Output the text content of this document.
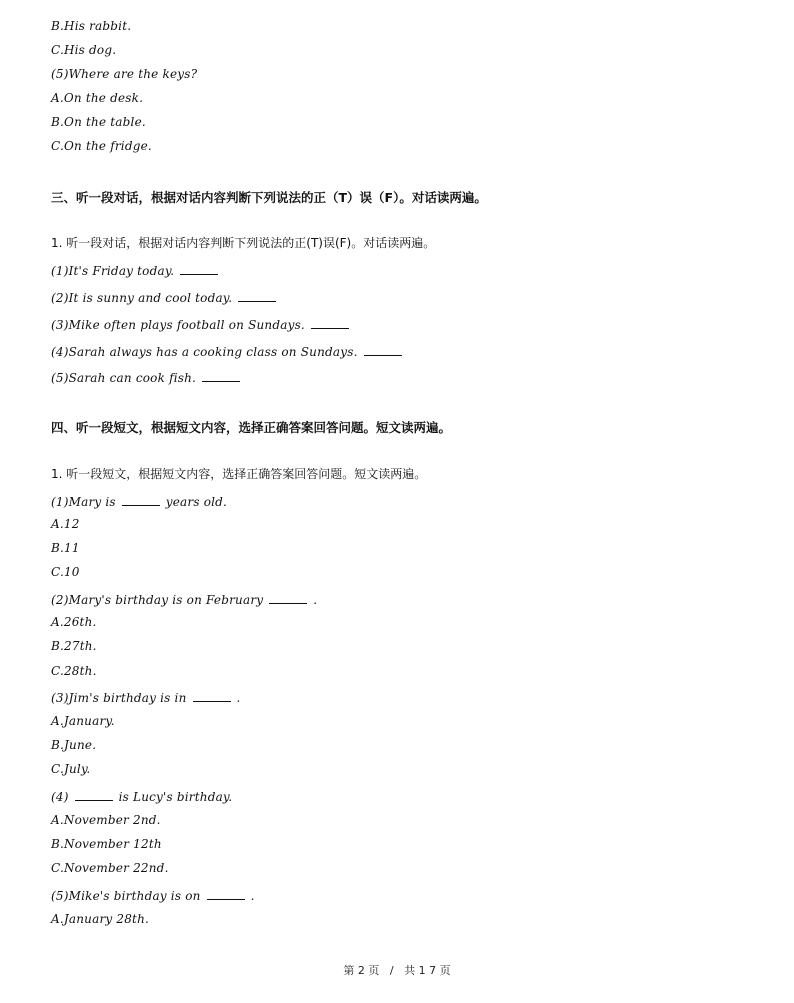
B.His rabbit.
C.His dog.
(5)Where are the keys?
A.On the desk.
B.On the table.
C.On the fridge.
三、听一段对话，根据对话内容判断下列说法的正（T）误（F）。对话读两遍。
1. 听一段对话，根据对话内容判断下列说法的正(T)误(F)。对话读两遍。
(1)It's Friday today.
(2)It is sunny and cool today.
(3)Mike often plays football on Sundays.
(4)Sarah always has a cooking class on Sundays.
(5)Sarah can cook fish.
四、听一段短文，根据短文内容，选择正确答案回答问题。短文读两遍。
1. 听一段短文，根据短文内容，选择正确答案回答问题。短文读两遍。
(1)Mary is	years old.
A.12
B.11
C.10
(2)Mary's birthday is on February	.
A.26th.
B.27th.
C.28th.
(3)Jim's birthday is in	.
A.January.
B.June.
C.July.
(4)	is Lucy's birthday.
A.November 2nd.
B.November 12th
C.November 22nd.
(5)Mike's birthday is on	.
A.January 28th.
第 2 页   /   共 1 7 页
